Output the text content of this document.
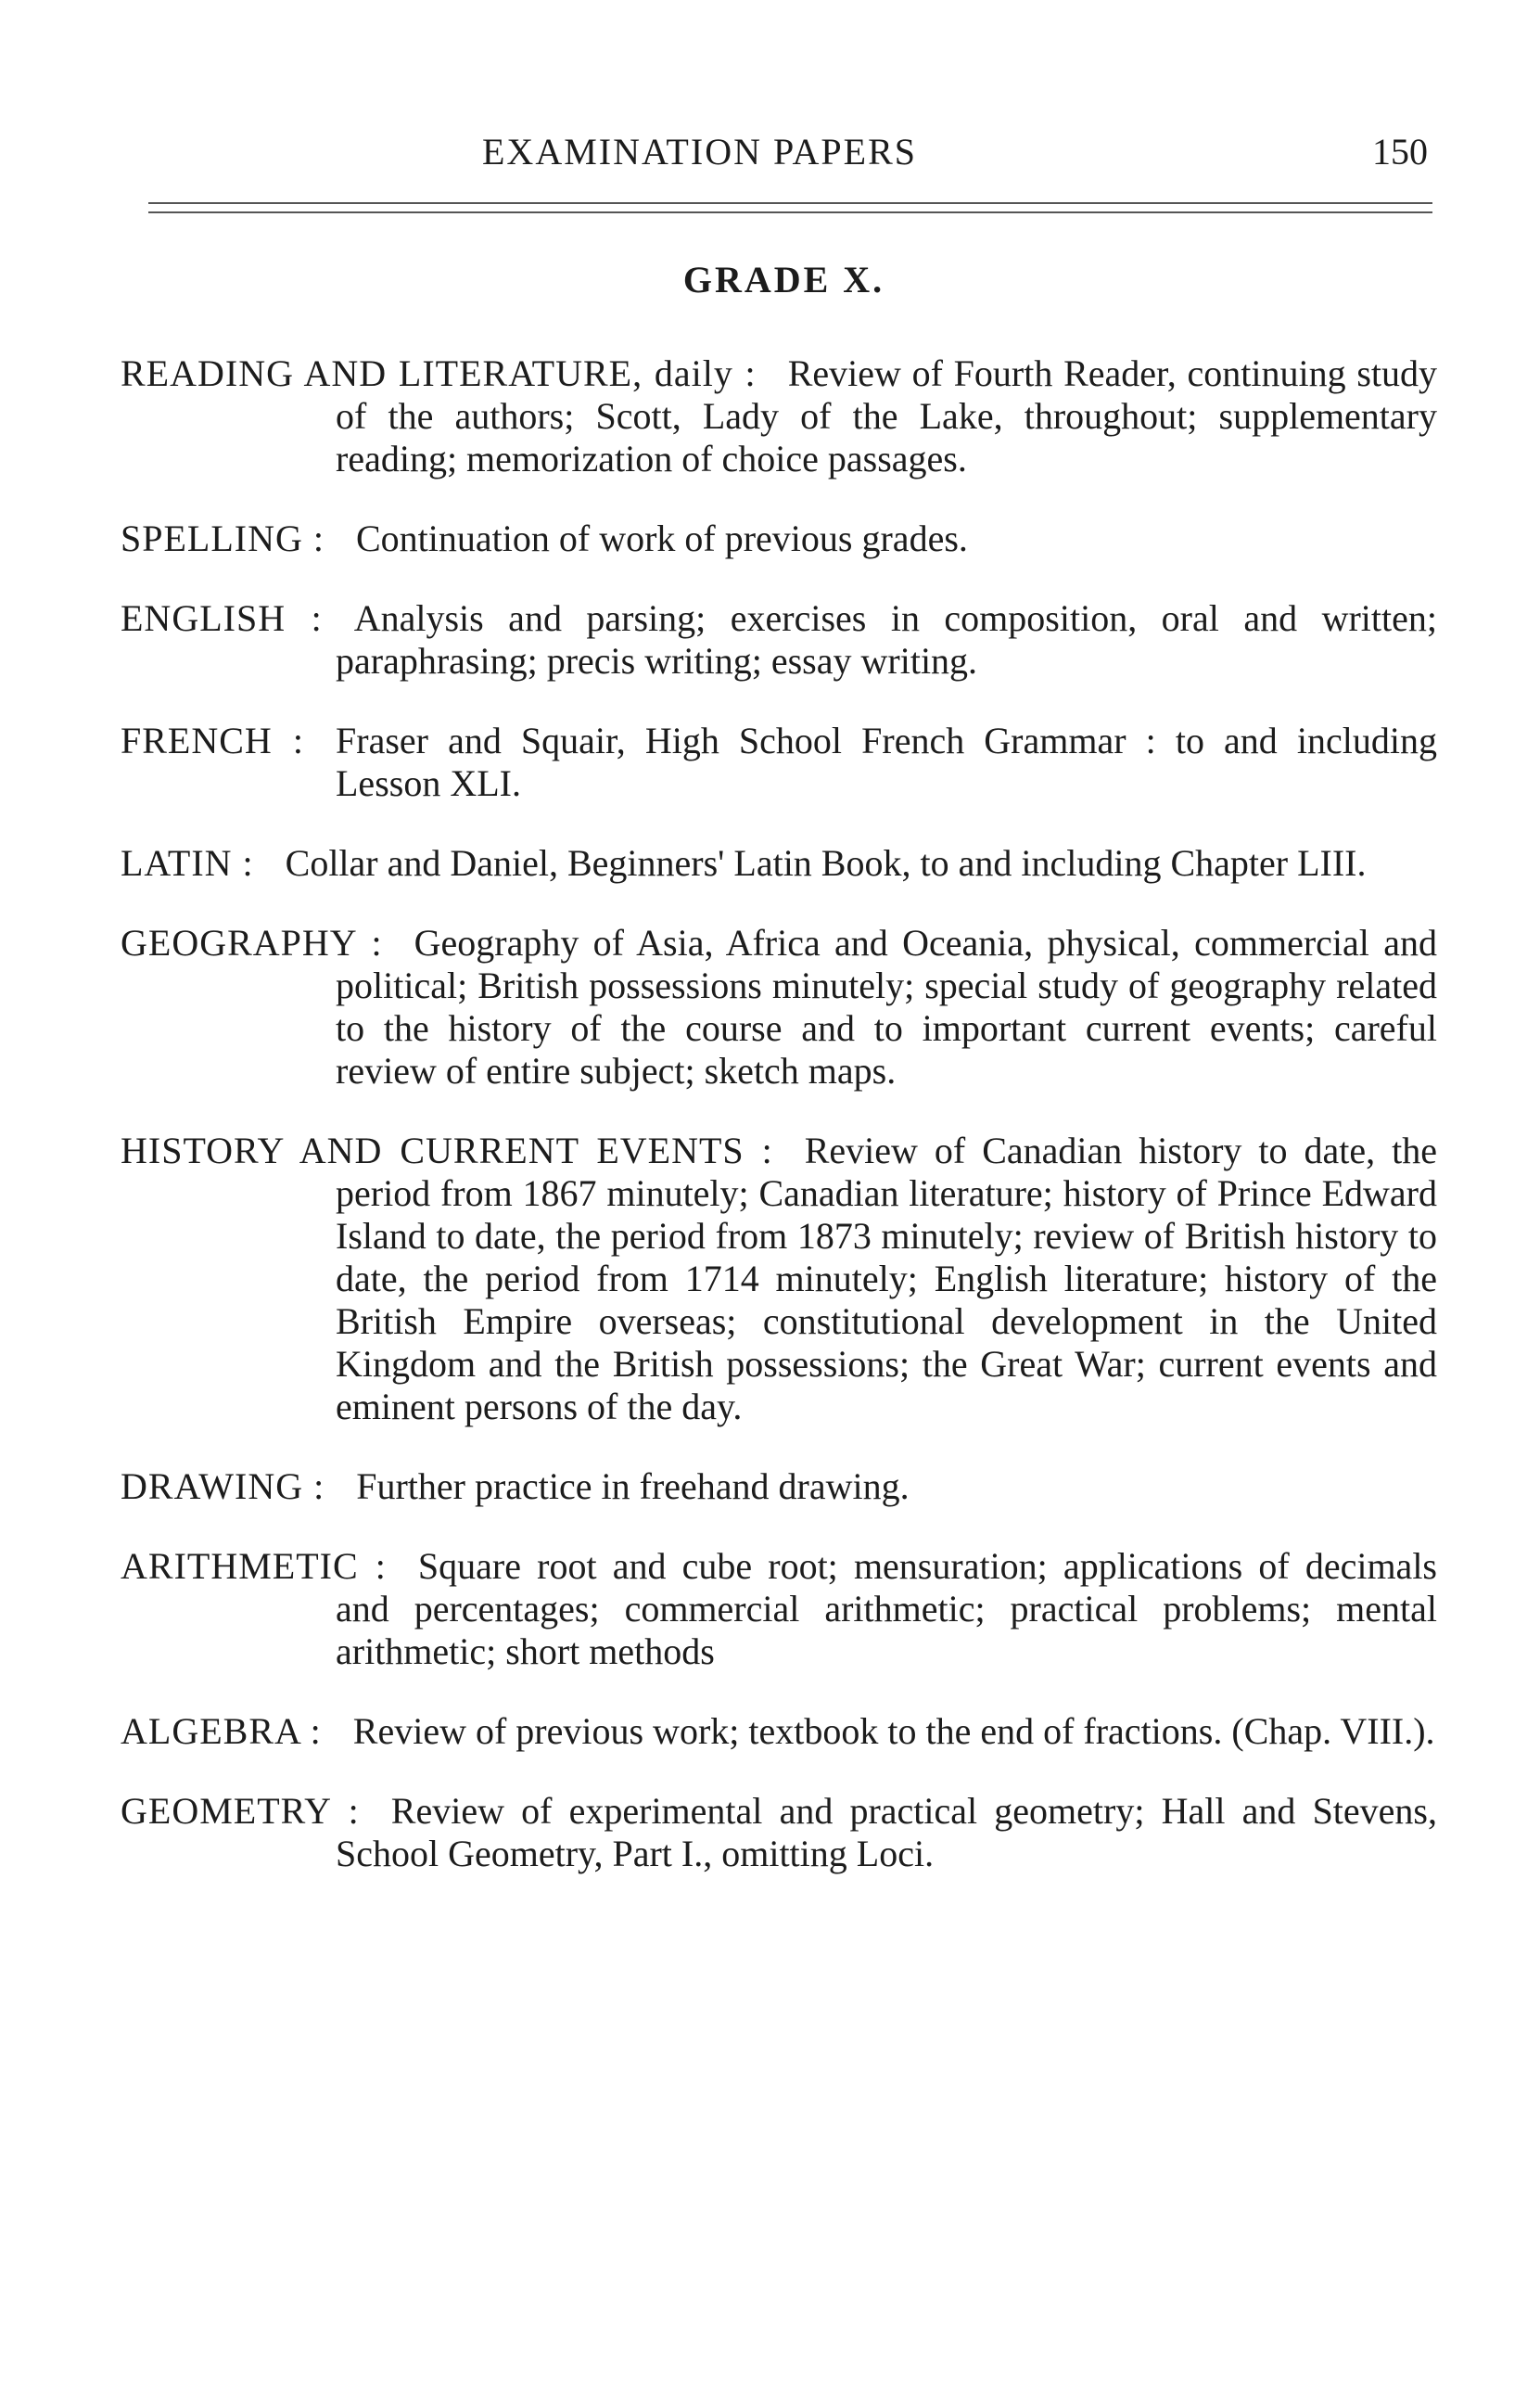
EXAMINATION PAPERS	150
GRADE X.

READING AND LITERATURE, daily : Review of Fourth Reader, continuing study of the authors; Scott, Lady of the Lake, throughout; supplementary reading; memorization of choice passages.

SPELLING : Continuation of work of previous grades.

ENGLISH : Analysis and parsing; exercises in composition, oral and written; paraphrasing; precis writing; essay writing.

FRENCH : Fraser and Squair, High School French Grammar : to and including Lesson XLI.

LATIN : Collar and Daniel, Beginners' Latin Book, to and including Chapter LIII.

GEOGRAPHY : Geography of Asia, Africa and Oceania, physical, commercial and political; British possessions minutely; special study of geography related to the history of the course and to important current events; careful review of entire subject; sketch maps.

HISTORY AND CURRENT EVENTS : Review of Canadian history to date, the period from 1867 minutely; Canadian literature; history of Prince Edward Island to date, the period from 1873 minutely; review of British history to date, the period from 1714 minutely; English literature; history of the British Empire overseas; constitutional development in the United Kingdom and the British possessions; the Great War; current events and eminent persons of the day.

DRAWING : Further practice in freehand drawing.

ARITHMETIC : Square root and cube root; mensuration; applications of decimals and percentages; commercial arithmetic; practical problems; mental arithmetic; short methods

ALGEBRA : Review of previous work; textbook to the end of fractions. (Chap. VIII.).

GEOMETRY : Review of experimental and practical geometry; Hall and Stevens, School Geometry, Part I., omitting Loci.
